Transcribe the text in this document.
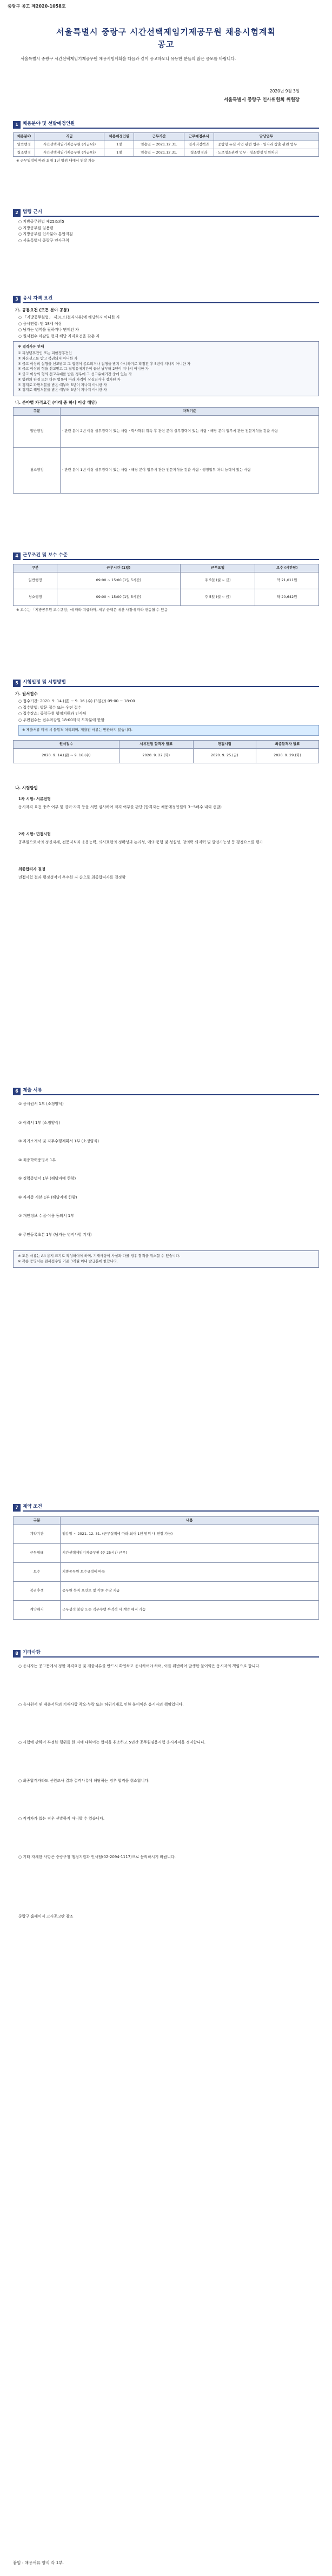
중랑구 공고 제2020-1058호
서울특별시 중랑구 시간선택제임기제공무원 채용시험계획
공고
서울특별시 중랑구 시간선택제임기제공무원 채용시험계획을 다음과 같이 공고하오니 유능한 분들의 많은 응모를 바랍니다.
2020년 9월 3일
서울특별시 중랑구 인사위원회 위원장
1 채용분야 및 선발예정인원
채용분야	직급	채용예정인원	근무기간	근무예정부서	담당업무
일반행정	시간선택제임기제공무원 (가급/라)	1명	임용일 ~ 2021.12.31.	일자리정책과	· 중랑형 뉴딜 사업 관련 업무 · 일자리 창출 관련 업무
청소행정	시간선택제임기제공무원 (가급/다)	1명	임용일 ~ 2021.12.31.	청소행정과	· 도로청소관련 업무 · 청소행정 민원처리
※ 근무일정에 따라 최대 1년 범위 내에서 연장 가능
2 법령 근거
○ 지방공무원법 제25조의5
○ 지방공무원 임용령
○ 지방공무원 인사분야 통합지침
○ 서울특별시 중랑구 인사규칙
3 응시 자격 요건
가. 공통요건 (모든 분야 공통)
○ 「지방공무원법」 제31조(결격사유)에 해당하지 아니한 자
○ 응시연령: 만 18세 이상
○ 남자는 병역을 필하거나 면제된 자
○ 원서접수 마감일 현재 해당 자격요건을 갖춘 자
※ 결격사유 안내
① 피성년후견인 또는 피한정후견인
② 파산선고를 받고 복권되지 아니한 자
③ 금고 이상의 실형을 선고받고 그 집행이 종료되거나 집행을 받지 아니하기로 확정된 후 5년이 지나지 아니한 자
④ 금고 이상의 형을 선고받고 그 집행유예기간이 끝난 날부터 2년이 지나지 아니한 자
⑤ 금고 이상의 형의 선고유예를 받은 경우에 그 선고유예기간 중에 있는 자
⑥ 법원의 판결 또는 다른 법률에 따라 자격이 상실되거나 정지된 자
⑦ 징계로 파면처분을 받은 때부터 5년이 지나지 아니한 자
⑧ 징계로 해임처분을 받은 때부터 3년이 지나지 아니한 자
나. 분야별 자격요건 (아래 중 하나 이상 해당)
구분	자격기준
일반행정	· 관련 분야 2년 이상 실무경력이 있는 사람 · 학사학위 취득 후 관련 분야 실무경력이 있는 사람 · 해당 분야 업무에 관한 전문지식을 갖춘 사람
청소행정	· 관련 분야 1년 이상 실무경력이 있는 사람 · 해당 분야 업무에 관한 전문지식을 갖춘 사람 · 행정업무 처리 능력이 있는 사람
4 근무조건 및 보수 수준
구분	근무시간 (1일)	근무요일	보수 (시간당)
일반행정	09:00 ~ 15:00 (1일 5시간)	주 5일 (월 ~ 금)	약 21,011원
청소행정	09:00 ~ 15:00 (1일 5시간)	주 5일 (월 ~ 금)	약 20,642원
※ 보수는 「지방공무원 보수규정」에 따라 지급하며, 세부 금액은 예산 사정에 따라 변동될 수 있음
5 시험일정 및 시험방법
가. 원서접수
○ 접수기간: 2020. 9. 14.(월) ~ 9. 16.(수) (3일간) 09:00 ~ 18:00
○ 접수방법: 방문 접수 또는 우편 접수
○ 접수장소: 중랑구청 행정지원과 인사팀
○ 우편접수는 접수마감일 18:00까지 도착분에 한함
※ 제출서류 미비 시 불합격 처리되며, 제출된 서류는 반환하지 않습니다.
원서접수	서류전형 합격자 발표	면접시험	최종합격자 발표
2020. 9. 14.(월) ~ 9. 16.(수)	2020. 9. 22.(화)	2020. 9. 25.(금)	2020. 9. 29.(화)
나. 시험방법
1차 시험: 서류전형
응시자격 요건 충족 여부 및 경력·자격 등을 서면 심사하여 적격 여부를 판단 (합격자는 채용예정인원의 3~5배수 내외 선발)
2차 시험: 면접시험
공무원으로서의 정신자세, 전문지식과 응용능력, 의사표현의 정확성과 논리성, 예의·품행 및 성실성, 창의력·의지력 및 발전가능성 등 평정요소를 평가
최종합격자 결정
면접시험 결과 평정성적이 우수한 자 순으로 최종합격자를 결정함
6 제출 서류
① 응시원서 1부 (소정양식)
② 이력서 1부 (소정양식)
③ 자기소개서 및 직무수행계획서 1부 (소정양식)
④ 최종학력증명서 1부
⑤ 경력증명서 1부 (해당자에 한함)
⑥ 자격증 사본 1부 (해당자에 한함)
⑦ 개인정보 수집·이용 동의서 1부
⑧ 주민등록초본 1부 (남자는 병적사항 기재)
※ 모든 서류는 A4 용지 크기로 작성하여야 하며, 기재사항이 사실과 다를 경우 합격을 취소할 수 있습니다.
※ 각종 증명서는 원서접수일 기준 3개월 이내 발급분에 한합니다.
7 계약 조건
구분	내용
계약기간	임용일 ~ 2021. 12. 31. (근무실적에 따라 최대 1년 범위 내 연장 가능)
근무형태	시간선택제임기제공무원 (주 25시간 근무)
보수	지방공무원 보수규정에 따름
복리후생	공무원 복지 포인트 및 각종 수당 지급
계약해지	근무성적 불량 또는 직무수행 부적격 시 계약 해지 가능
8 기타사항
○ 응시자는 공고문에서 정한 자격요건 및 제출서류를 반드시 확인하고 응시하여야 하며, 이를 위반하여 발생한 불이익은 응시자의 책임으로 합니다.
○ 응시원서 및 제출서류의 기재사항 착오·누락 또는 허위기재로 인한 불이익은 응시자의 책임입니다.
○ 시험에 관하여 부정한 행위를 한 자에 대하여는 합격을 취소하고 5년간 공무원임용시험 응시자격을 정지합니다.
○ 최종합격자라도 신원조사 결과 결격사유에 해당하는 경우 합격을 취소합니다.
○ 적격자가 없는 경우 선발하지 아니할 수 있습니다.
○ 기타 자세한 사항은 중랑구청 행정지원과 인사팀(02-2094-1117)으로 문의하시기 바랍니다.
중랑구 홈페이지 고시공고란 참조
붙임 : 채용서류 양식 각 1부.
